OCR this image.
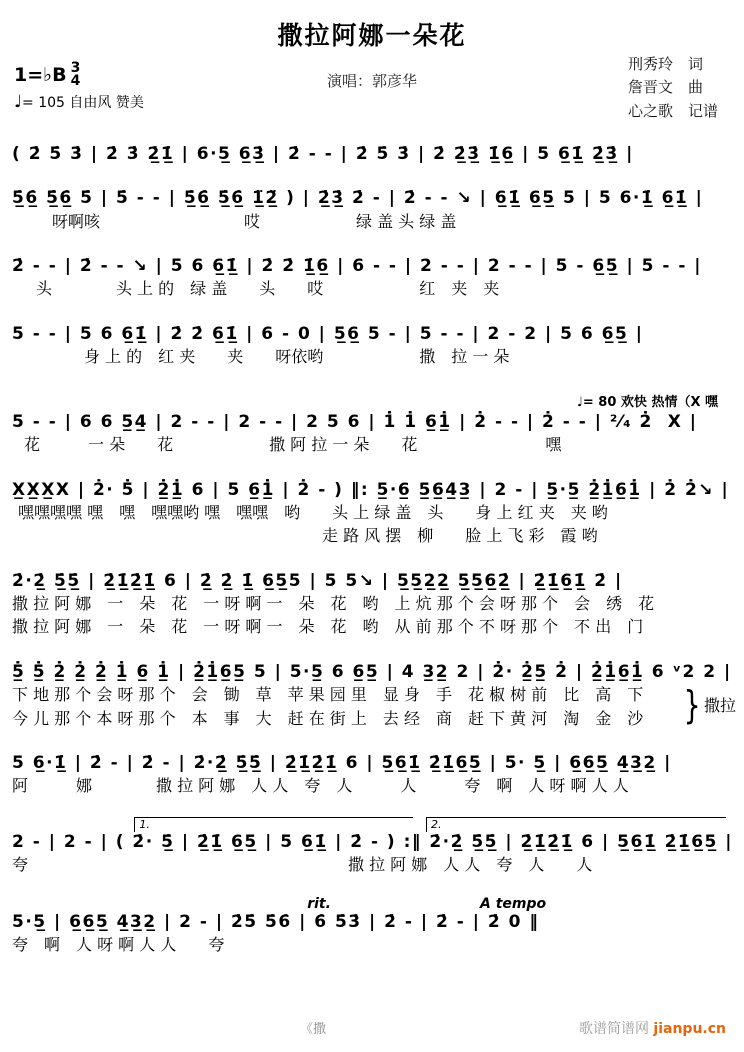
撒拉阿娜一朵花
1=♭B 3
4
♩= 105 自由风 赞美
演唱：郭彦华
刑秀玲　词
詹晋文　曲
心之歌　记谱
( 2̇ 5̇ 3̇ | 2̇ 3̇ 2̲̇1̲̇ | 6·5̲ 6̲3̲̇ | 2̇ - - | 2̇ 5̇ 3̇ | 2̇ 2̲̇3̲̇ 1̲̇6̲ | 5 6̲1̲̇ 2̲̇3̲̇ |
5̲̇6̲̇ 5̲̇6̲̇ 5̇ | 5̇ - - | 5̲̇6̲̇ 5̲̇6̲̇ 1̲̈2̲̈ ) | 2̲̇3̲̇ 2̇ - | 2̇ - - ↘ | 6̲1̲̇ 6̲5̲ 5 | 5 6·1̲̇ 6̲1̲̇ |
呀啊咳　　　　　　　　　哎　　　　　　绿 盖 头 绿 盖
2̇ - - | 2̇ - - ↘ | 5 6 6̲1̲̇ | 2̇ 2̇ 1̲̇6̲ | 6 - - | 2 - - | 2 - - | 5 - 6̲5̲ | 5 - - |
头　　　　头 上 的　绿 盖　　头　　哎　　　　　　红　夹　夹
5 - - | 5 6 6̲1̲̇ | 2̇ 2̇ 6̲1̲̇ | 6 - 0 | 5̲6̲ 5 - | 5 - - | 2 - 2 | 5 6 6̲5̲ |
　　　身 上 的　红 夹　　夹　　呀依哟　　　　　　撒　拉 一 朵
♩= 80 欢快 热情（X 嘿
5 - - | 6 6 5̲4̲ | 2 - - | 2 - - | 2 5 6 | 1̇ 1̇ 6̲1̲̇ | 2̇ - - | 2̇ - - | ²⁄₄ 2̇  X |
花　　　一 朵　　花　　　　　　撒 阿 拉 一 朵　　花　　　　　　　　嘿
X̲X̲X̲X | 2̇· 5̇ | 2̲̇1̲̇ 6 | 5 6̲1̲̇ | 2̇ - ) ‖: 5̲·6̲ 5̲6̲4̲3̲ | 2 - | 5̲·5̲ 2̲̇1̲̇6̲1̲̇ | 2̇ 2̇↘ |
嘿嘿嘿嘿 嘿　嘿　嘿嘿哟 嘿　嘿嘿　哟　　头 上 绿 盖　头　　身 上 红 夹　夹 哟
　　　　　　　　　　　　　　　　　　　走 路 风 摆　柳　　脸 上 飞 彩　霞 哟
2̇·2̲̇ 5̲̇5̲̇ | 2̲̇1̲̇2̲̇1̲̇ 6 | 2̲̇ 2̲̇ 1̲̇ 6̲5̲5 | 5 5↘ | 5̲5̲2̲2̲ 5̲5̲6̲2̲̇ | 2̲̇1̲̇6̲1̲̇ 2̇ |
撒 拉 阿 娜　一　朵　花　一 呀 啊 一　朵　花　哟　上 炕 那 个 会 呀 那 个　会　绣　花
撒 拉 阿 娜　一　朵　花　一 呀 啊 一　朵　花　哟　从 前 那 个 不 呀 那 个　不 出　门
5̲̇ 5̲̇ 2̲̇ 2̲̇ 2̲̇ 1̲̇ 6̲ 1̲̇ | 2̲̇1̲̇6̲5̲ 5 | 5·5̲ 6 6̲5̲ | 4 3̲2̲ 2 | 2̇· 2̲̇5̲ 2̇ | 2̲̇1̲̇6̲1̲̇ 6 ᵛ2 2 |
下 地 那 个 会 呀 那 个　会　锄　草　苹 果 园 里　显 身　手　花 椒 树 前　比　高　下
今 儿 那 个 本 呀 那 个　本　事　大　赶 在 街 上　去 经　商　赶 下 黄 河　淘　金　沙	} 撒拉
5 6̲·1̲̇ | 2̇ - | 2̇ - | 2̇·2̲̇ 5̲̇5̲̇ | 2̲̇1̲̇2̲̇1̲̇ 6 | 5̲6̲1̲̇ 2̲̇1̲̇6̲5̲ | 5· 5̲ | 6̲6̲5̲ 4̲3̲2̲ |
阿　　　娜　　　　撒 拉 阿 娜　人 人　夸　人　　　人　　　夸　啊　人 呀 啊 人 人
1.	2.
2 - | 2 - | ( 2̇· 5̲̇ | 2̲̇1̲̇ 6̲5̲ | 5 6̲1̲̇ | 2̇ - ) :‖ 2̇·2̲̇ 5̲̇5̲̇ | 2̲̇1̲̇2̲̇1̲̇ 6 | 5̲6̲1̲̇ 2̲̇1̲̇6̲5̲ |
夸　　　　　　　　　　　　　　　　　　　　撒 拉 阿 娜　人 人　夸　人　　人
rit.	A tempo
5·5̲ | 6̲6̲5̲ 4̲3̲2̲ | 2 - | 2̇5̇ 5̇6̇ | 6̇ 5̇3̇ | 2̇ - | 2̇ - | 2̇ 0 ‖
夸　啊　人 呀 啊 人 人　　夸
《撒	歌谱简谱网 jianpu.cn
